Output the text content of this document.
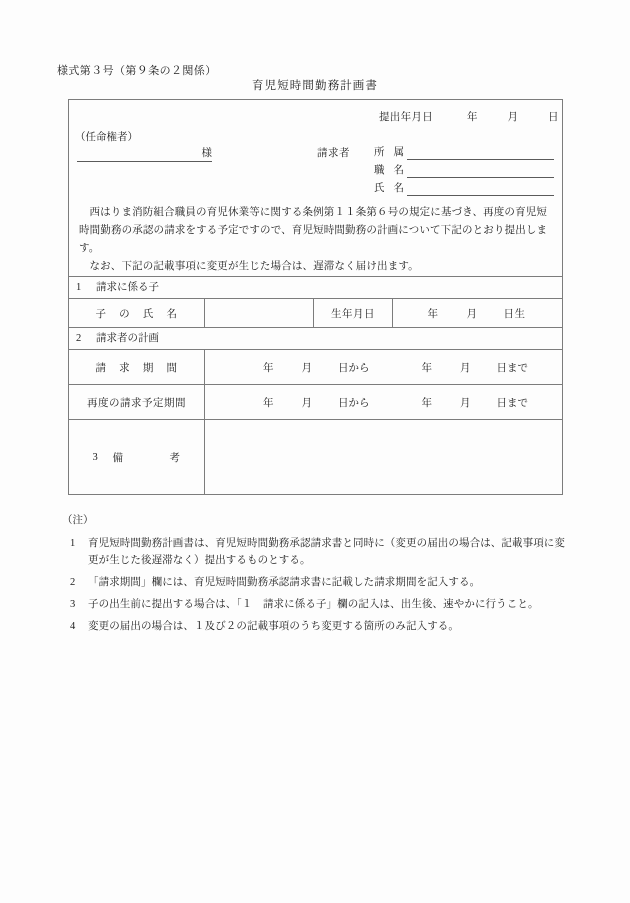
様式第３号（第９条の２関係）
育児短時間勤務計画書
提出年月日	年	月	日
（任命権者）
様	請求者 所 属
職 名
氏 名

西はりま消防組合職員の育児休業等に関する条例第１１条第６号の規定に基づき、再度の育児短時間勤務の承認の請求をする予定ですので、育児短時間勤務の計画について下記のとおり提出します。

なお、下記の記載事項に変更が生じた場合は、遅滞なく届け出ます。

1 請求に係る子
子 の 氏 名	生年月日	年	月 日生
2 請求者の計画
請 求 期 間	年	月 日から	年	月 日まで
再度の請求予定期間	年	月 日から	年	月 日まで
3	備	考
（注）
1	育児短時間勤務計画書は、育児短時間勤務承認請求書と同時に（変更の届出の場合は、記載事項に変更が生じた後遅滞なく）提出するものとする。
2	「請求期間」欄には、育児短時間勤務承認請求書に記載した請求期間を記入する。
3	子の出生前に提出する場合は、「１　請求に係る子」欄の記入は、出生後、速やかに行うこと。
4	変更の届出の場合は、１及び２の記載事項のうち変更する箇所のみ記入する。
